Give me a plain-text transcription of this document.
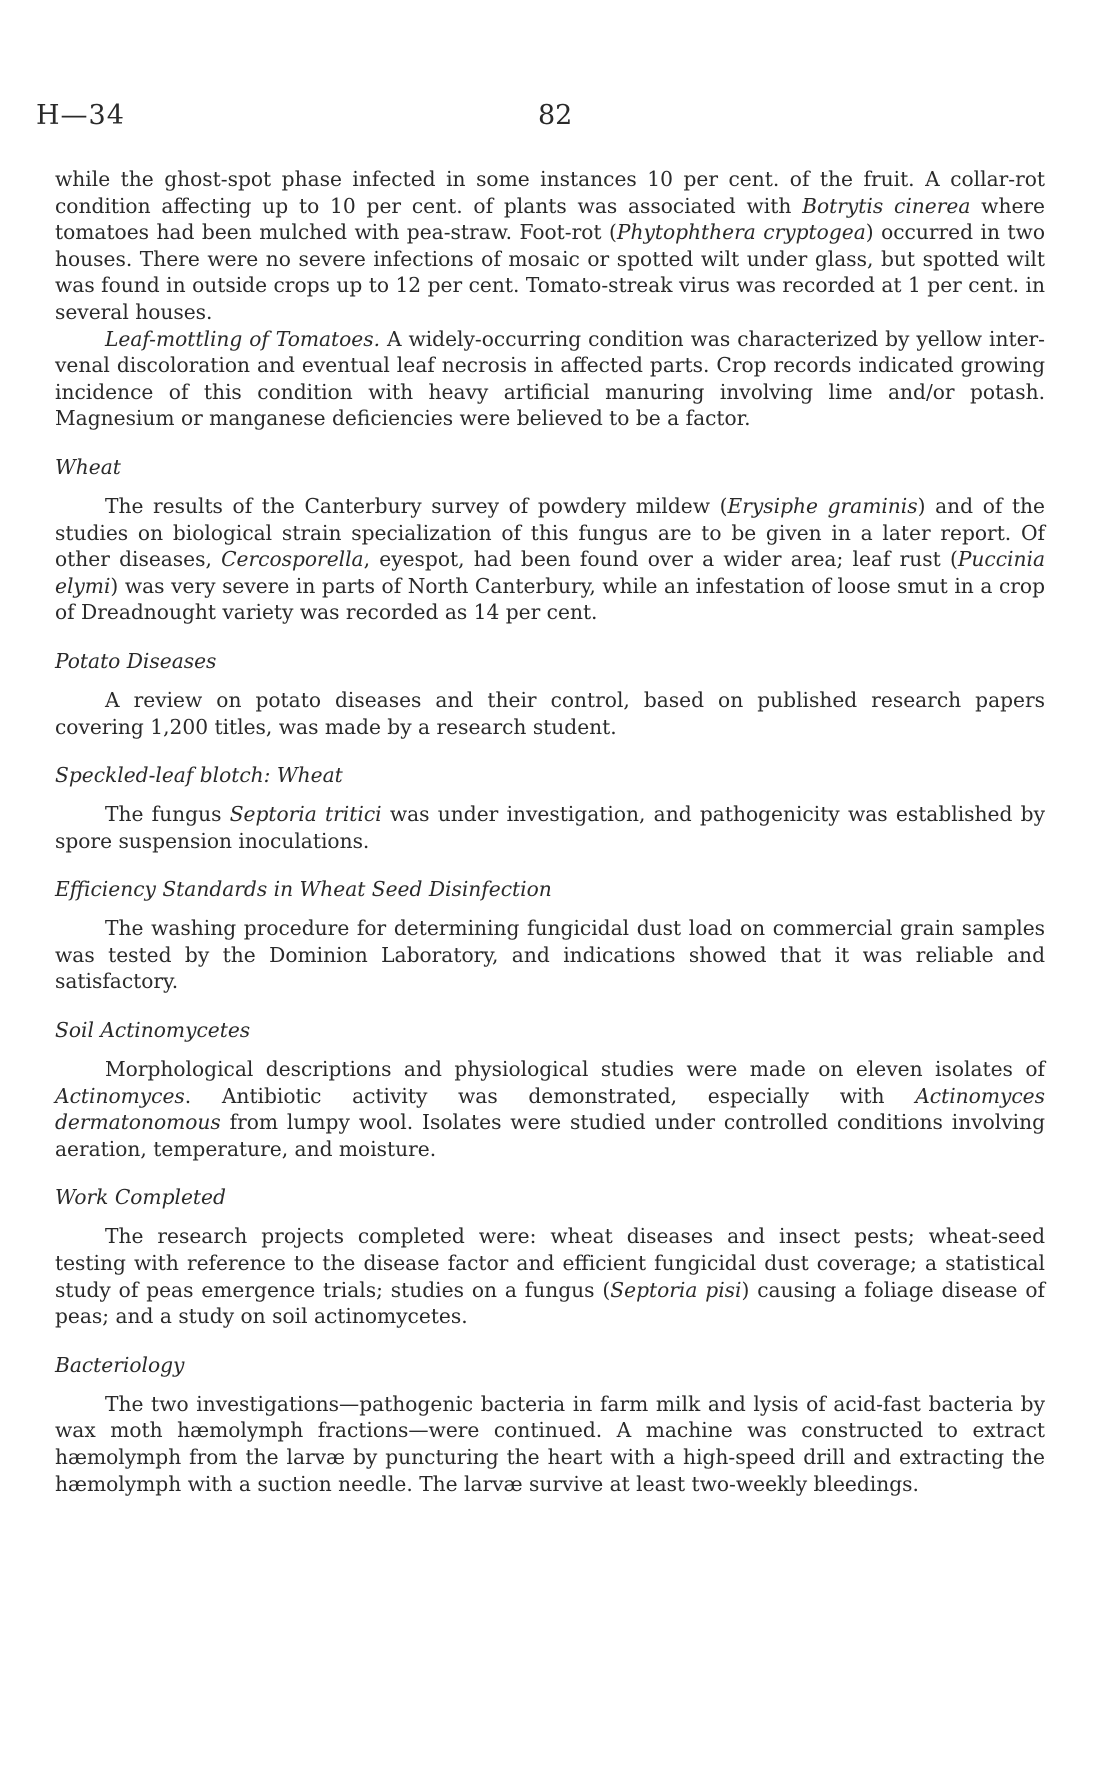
H—34	82

while the ghost-spot phase infected in some instances 10 per cent. of the fruit. A collar-rot condition affecting up to 10 per cent. of plants was associated with Botrytis cinerea where tomatoes had been mulched with pea-straw. Foot-rot (Phytophthera cryptogea) occurred in two houses. There were no severe infections of mosaic or spotted wilt under glass, but spotted wilt was found in outside crops up to 12 per cent. Tomato-streak virus was recorded at 1 per cent. in several houses.

Leaf-mottling of Tomatoes. A widely-occurring condition was characterized by yellow inter-venal discoloration and eventual leaf necrosis in affected parts. Crop records indicated growing incidence of this condition with heavy artificial manuring involving lime and/or potash. Magnesium or manganese deficiencies were believed to be a factor.

Wheat

The results of the Canterbury survey of powdery mildew (Erysiphe graminis) and of the studies on biological strain specialization of this fungus are to be given in a later report. Of other diseases, Cercosporella, eyespot, had been found over a wider area; leaf rust (Puccinia elymi) was very severe in parts of North Canterbury, while an infestation of loose smut in a crop of Dreadnought variety was recorded as 14 per cent.

Potato Diseases

A review on potato diseases and their control, based on published research papers covering 1,200 titles, was made by a research student.

Speckled-leaf blotch: Wheat

The fungus Septoria tritici was under investigation, and pathogenicity was established by spore suspension inoculations.

Efficiency Standards in Wheat Seed Disinfection

The washing procedure for determining fungicidal dust load on commercial grain samples was tested by the Dominion Laboratory, and indications showed that it was reliable and satisfactory.

Soil Actinomycetes

Morphological descriptions and physiological studies were made on eleven isolates of Actinomyces. Antibiotic activity was demonstrated, especially with Actinomyces dermatonomous from lumpy wool. Isolates were studied under controlled conditions involving aeration, temperature, and moisture.

Work Completed

The research projects completed were: wheat diseases and insect pests; wheat-seed testing with reference to the disease factor and efficient fungicidal dust coverage; a statistical study of peas emergence trials; studies on a fungus (Septoria pisi) causing a foliage disease of peas; and a study on soil actinomycetes.

Bacteriology

The two investigations—pathogenic bacteria in farm milk and lysis of acid-fast bacteria by wax moth hæmolymph fractions—were continued. A machine was constructed to extract hæmolymph from the larvæ by puncturing the heart with a high-speed drill and extracting the hæmolymph with a suction needle. The larvæ survive at least two-weekly bleedings.
